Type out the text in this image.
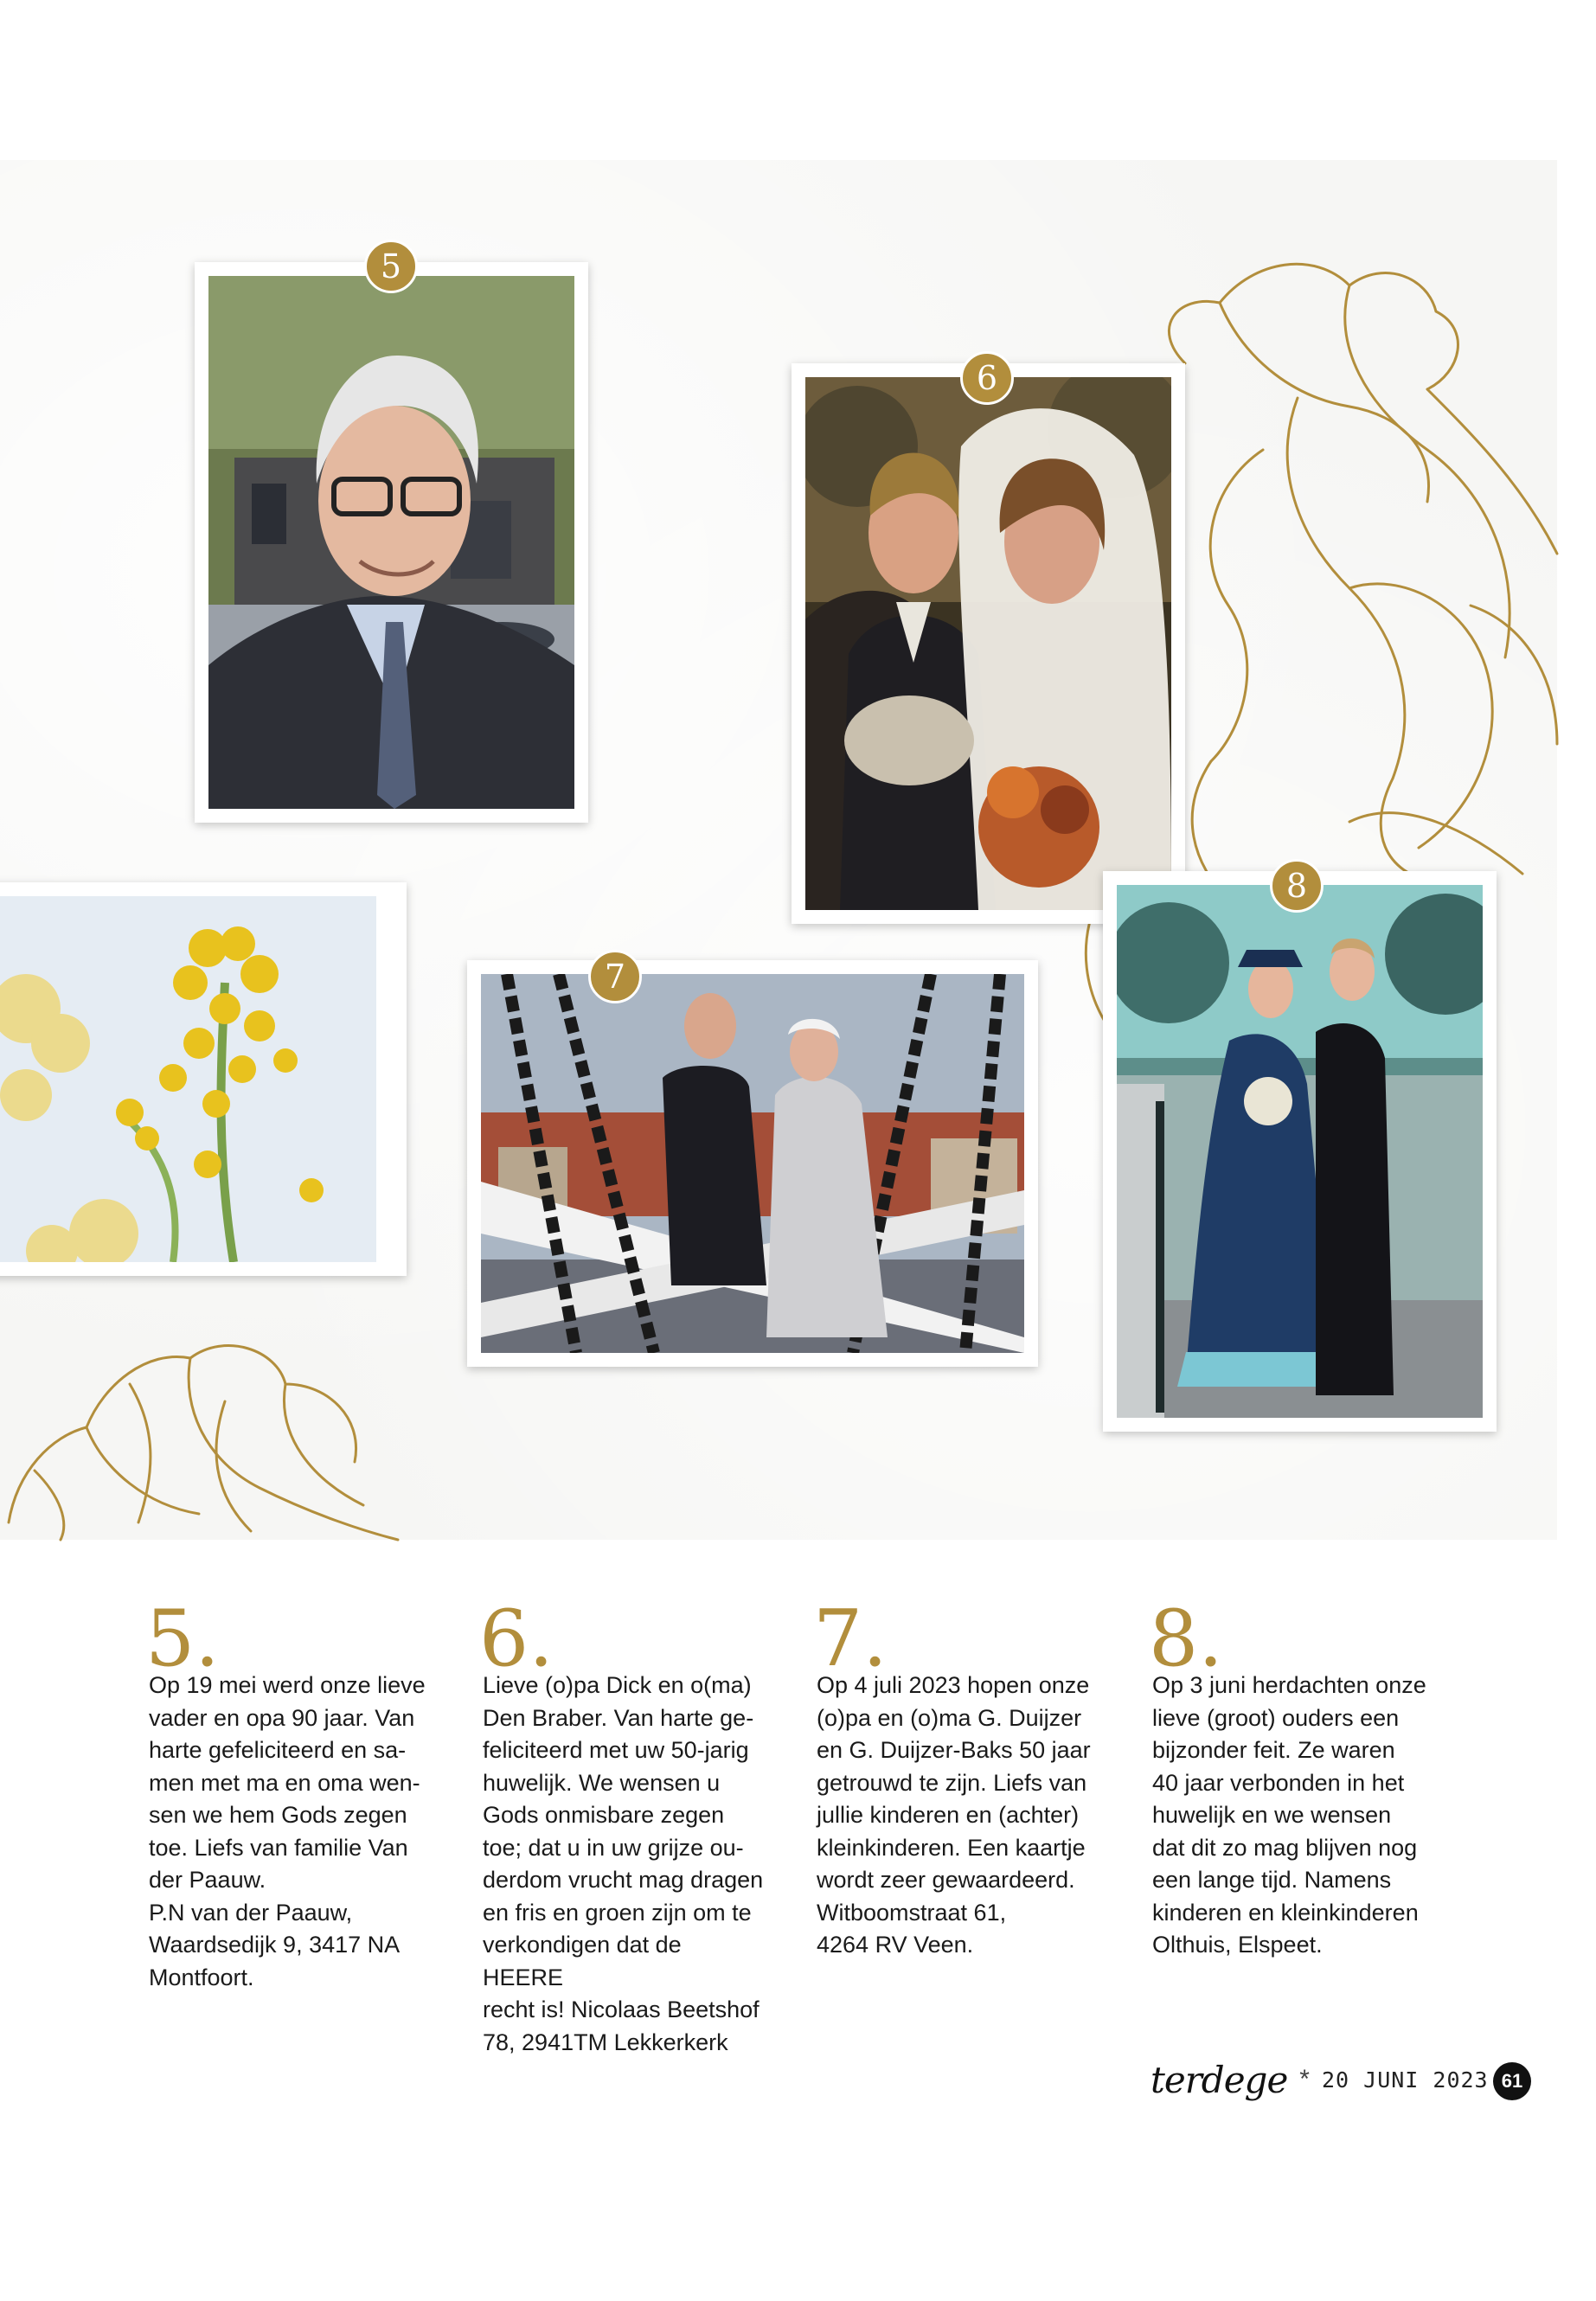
5
6
7
8
5.
Op 19 mei werd onze lieve
vader en opa 90 jaar. Van
harte gefeliciteerd en sa-
men met ma en oma wen-
sen we hem Gods zegen
toe. Liefs van familie Van
der Paauw.
P.N van der Paauw,
Waardsedijk 9, 3417 NA
Montfoort.
6.
Lieve (o)pa Dick en o(ma)
Den Braber. Van harte ge-
feliciteerd met uw 50-jarig
huwelijk. We wensen u
Gods onmisbare zegen
toe; dat u in uw grijze ou-
derdom vrucht mag dragen
en fris en groen zijn om te
verkondigen dat de HEERE
recht is! Nicolaas Beetshof
78, 2941TM Lekkerkerk
7.
Op 4 juli 2023 hopen onze
(o)pa en (o)ma G. Duijzer
en G. Duijzer-Baks 50 jaar
getrouwd te zijn. Liefs van
jullie kinderen en (achter)
kleinkinderen. Een kaartje
wordt zeer gewaardeerd.
Witboomstraat 61,
4264 RV Veen.
8.
Op 3 juni herdachten onze
lieve (groot) ouders een
bijzonder feit. Ze waren
40 jaar verbonden in het
huwelijk en we wensen
dat dit zo mag blijven nog
een lange tijd. Namens
kinderen en kleinkinderen
Olthuis, Elspeet.
terdege * 20 JUNI 2023 61
